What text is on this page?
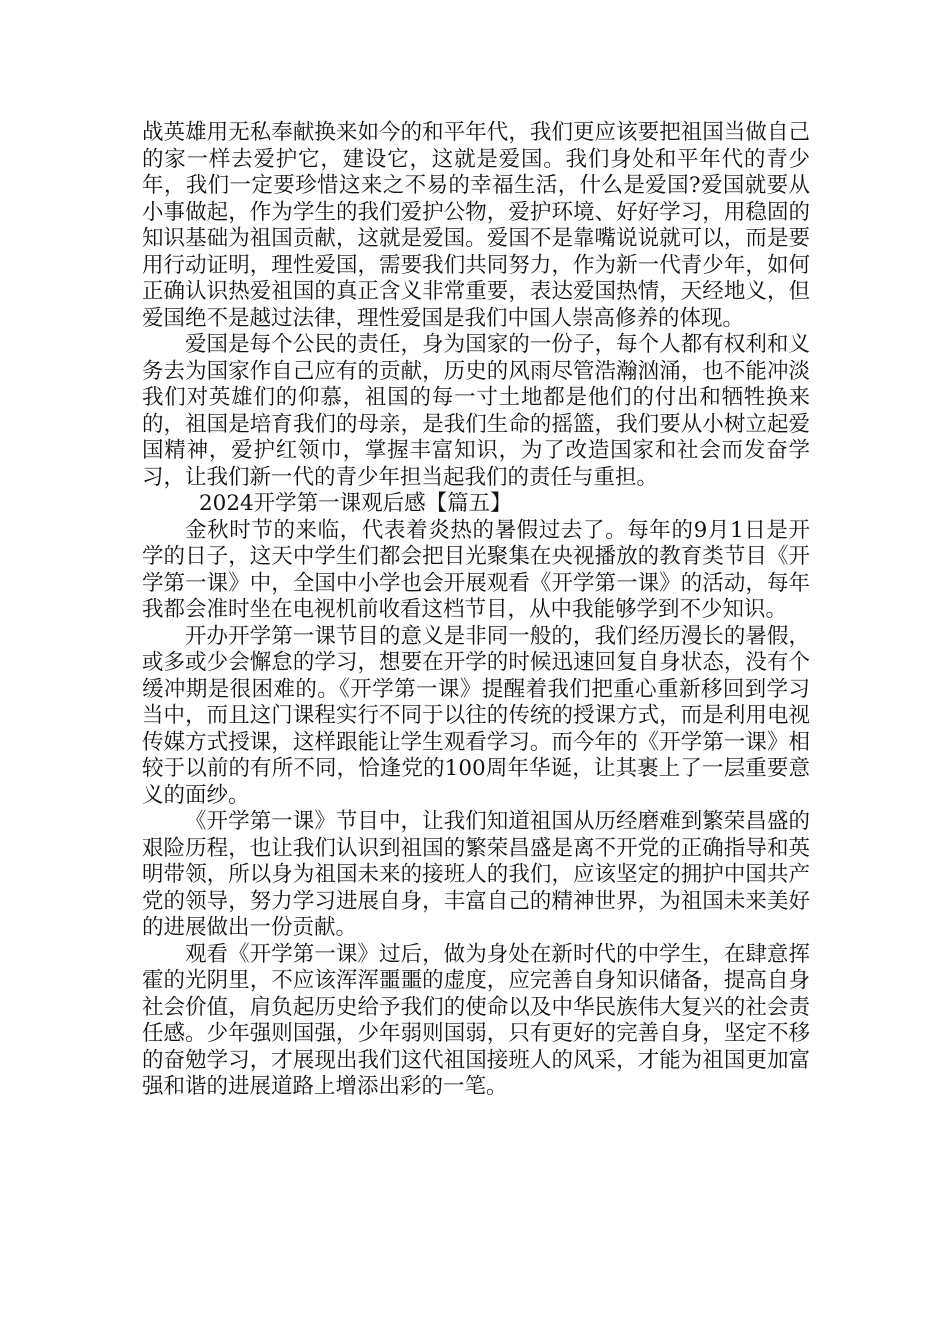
战英雄用无私奉献换来如今的和平年代，我们更应该要把祖国当做自己的家一样去爱护它，建设它，这就是爱国。我们身处和平年代的青少年，我们一定要珍惜这来之不易的幸福生活，什么是爱国?爱国就要从小事做起，作为学生的我们爱护公物，爱护环境、好好学习，用稳固的知识基础为祖国贡献，这就是爱国。爱国不是靠嘴说说就可以，而是要用行动证明，理性爱国，需要我们共同努力，作为新一代青少年，如何正确认识热爱祖国的真正含义非常重要，表达爱国热情，天经地义，但爱国绝不是越过法律，理性爱国是我们中国人崇高修养的体现。

爱国是每个公民的责任，身为国家的一份子，每个人都有权利和义务去为国家作自己应有的贡献，历史的风雨尽管浩瀚汹涌，也不能冲淡我们对英雄们的仰慕，祖国的每一寸土地都是他们的付出和牺牲换来的，祖国是培育我们的母亲，是我们生命的摇篮，我们要从小树立起爱国精神，爱护红领巾，掌握丰富知识，为了改造国家和社会而发奋学习，让我们新一代的青少年担当起我们的责任与重担。

2024开学第一课观后感【篇五】

金秋时节的来临，代表着炎热的暑假过去了。每年的9月1日是开学的日子，这天中学生们都会把目光聚集在央视播放的教育类节目《开学第一课》中，全国中小学也会开展观看《开学第一课》的活动，每年我都会准时坐在电视机前收看这档节目，从中我能够学到不少知识。

开办开学第一课节目的意义是非同一般的，我们经历漫长的暑假，或多或少会懈怠的学习，想要在开学的时候迅速回复自身状态，没有个缓冲期是很困难的。《开学第一课》提醒着我们把重心重新移回到学习当中，而且这门课程实行不同于以往的传统的授课方式，而是利用电视传媒方式授课，这样跟能让学生观看学习。而今年的《开学第一课》相较于以前的有所不同，恰逢党的100周年华诞，让其裹上了一层重要意义的面纱。

《开学第一课》节目中，让我们知道祖国从历经磨难到繁荣昌盛的艰险历程，也让我们认识到祖国的繁荣昌盛是离不开党的正确指导和英明带领，所以身为祖国未来的接班人的我们，应该坚定的拥护中国共产党的领导，努力学习进展自身，丰富自己的精神世界，为祖国未来美好的进展做出一份贡献。

观看《开学第一课》过后，做为身处在新时代的中学生，在肆意挥霍的光阴里，不应该浑浑噩噩的虚度，应完善自身知识储备，提高自身社会价值，肩负起历史给予我们的使命以及中华民族伟大复兴的社会责任感。少年强则国强，少年弱则国弱，只有更好的完善自身，坚定不移的奋勉学习，才展现出我们这代祖国接班人的风采，才能为祖国更加富强和谐的进展道路上增添出彩的一笔。
